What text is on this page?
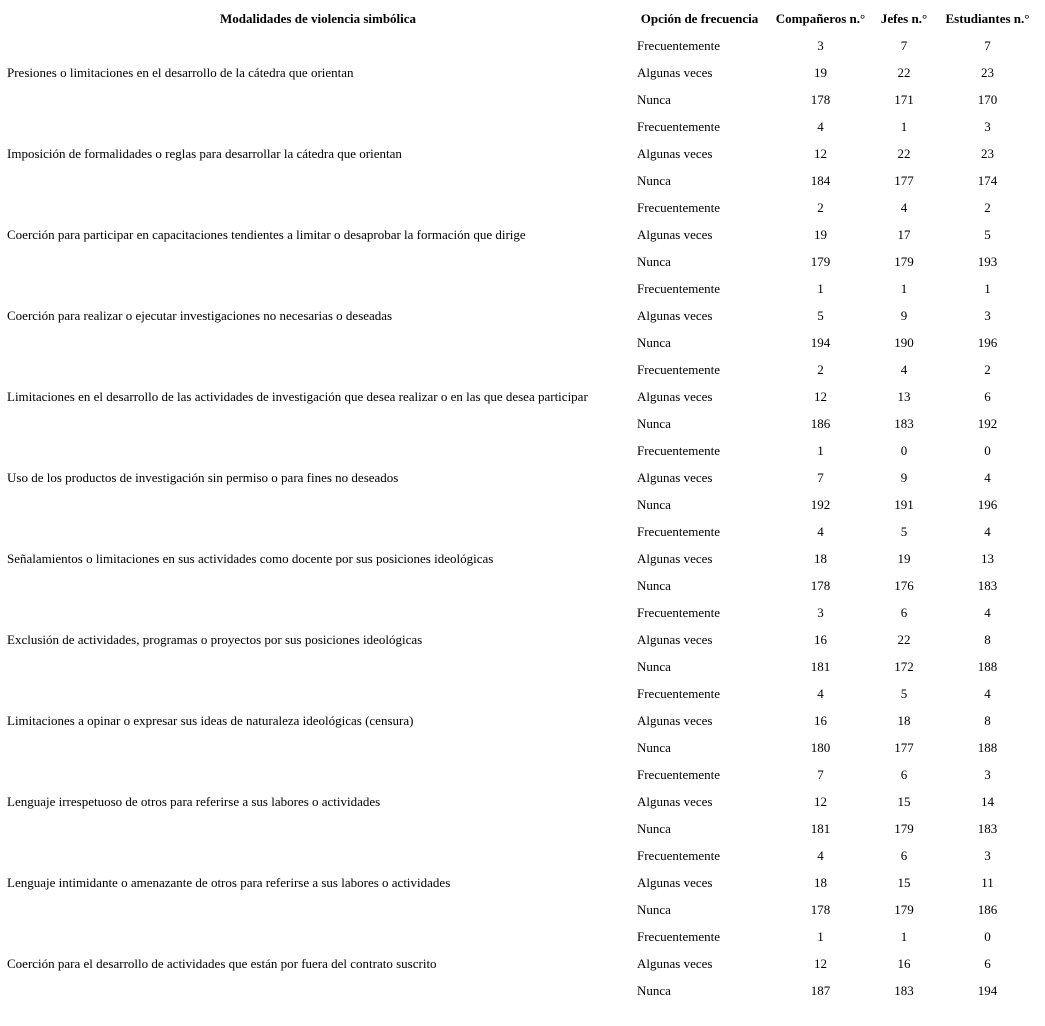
Modalidades de violencia simbólica	Opción de frecuencia	Compañeros n.°	Jefes n.°	Estudiantes n.°
Presiones o limitaciones en el desarrollo de la cátedra que orientan	Frecuentemente	3	7	7
	Algunas veces	19	22	23
	Nunca	178	171	170
Imposición de formalidades o reglas para desarrollar la cátedra que orientan	Frecuentemente	4	1	3
	Algunas veces	12	22	23
	Nunca	184	177	174
Coerción para participar en capacitaciones tendientes a limitar o desaprobar la formación que dirige	Frecuentemente	2	4	2
	Algunas veces	19	17	5
	Nunca	179	179	193
Coerción para realizar o ejecutar investigaciones no necesarias o deseadas	Frecuentemente	1	1	1
	Algunas veces	5	9	3
	Nunca	194	190	196
Limitaciones en el desarrollo de las actividades de investigación que desea realizar o en las que desea participar	Frecuentemente	2	4	2
	Algunas veces	12	13	6
	Nunca	186	183	192
Uso de los productos de investigación sin permiso o para fines no deseados	Frecuentemente	1	0	0
	Algunas veces	7	9	4
	Nunca	192	191	196
Señalamientos o limitaciones en sus actividades como docente por sus posiciones ideológicas	Frecuentemente	4	5	4
	Algunas veces	18	19	13
	Nunca	178	176	183
Exclusión de actividades, programas o proyectos por sus posiciones ideológicas	Frecuentemente	3	6	4
	Algunas veces	16	22	8
	Nunca	181	172	188
Limitaciones a opinar o expresar sus ideas de naturaleza ideológicas (censura)	Frecuentemente	4	5	4
	Algunas veces	16	18	8
	Nunca	180	177	188
Lenguaje irrespetuoso de otros para referirse a sus labores o actividades	Frecuentemente	7	6	3
	Algunas veces	12	15	14
	Nunca	181	179	183
Lenguaje intimidante o amenazante de otros para referirse a sus labores o actividades	Frecuentemente	4	6	3
	Algunas veces	18	15	11
	Nunca	178	179	186
Coerción para el desarrollo de actividades que están por fuera del contrato suscrito	Frecuentemente	1	1	0
	Algunas veces	12	16	6
	Nunca	187	183	194
